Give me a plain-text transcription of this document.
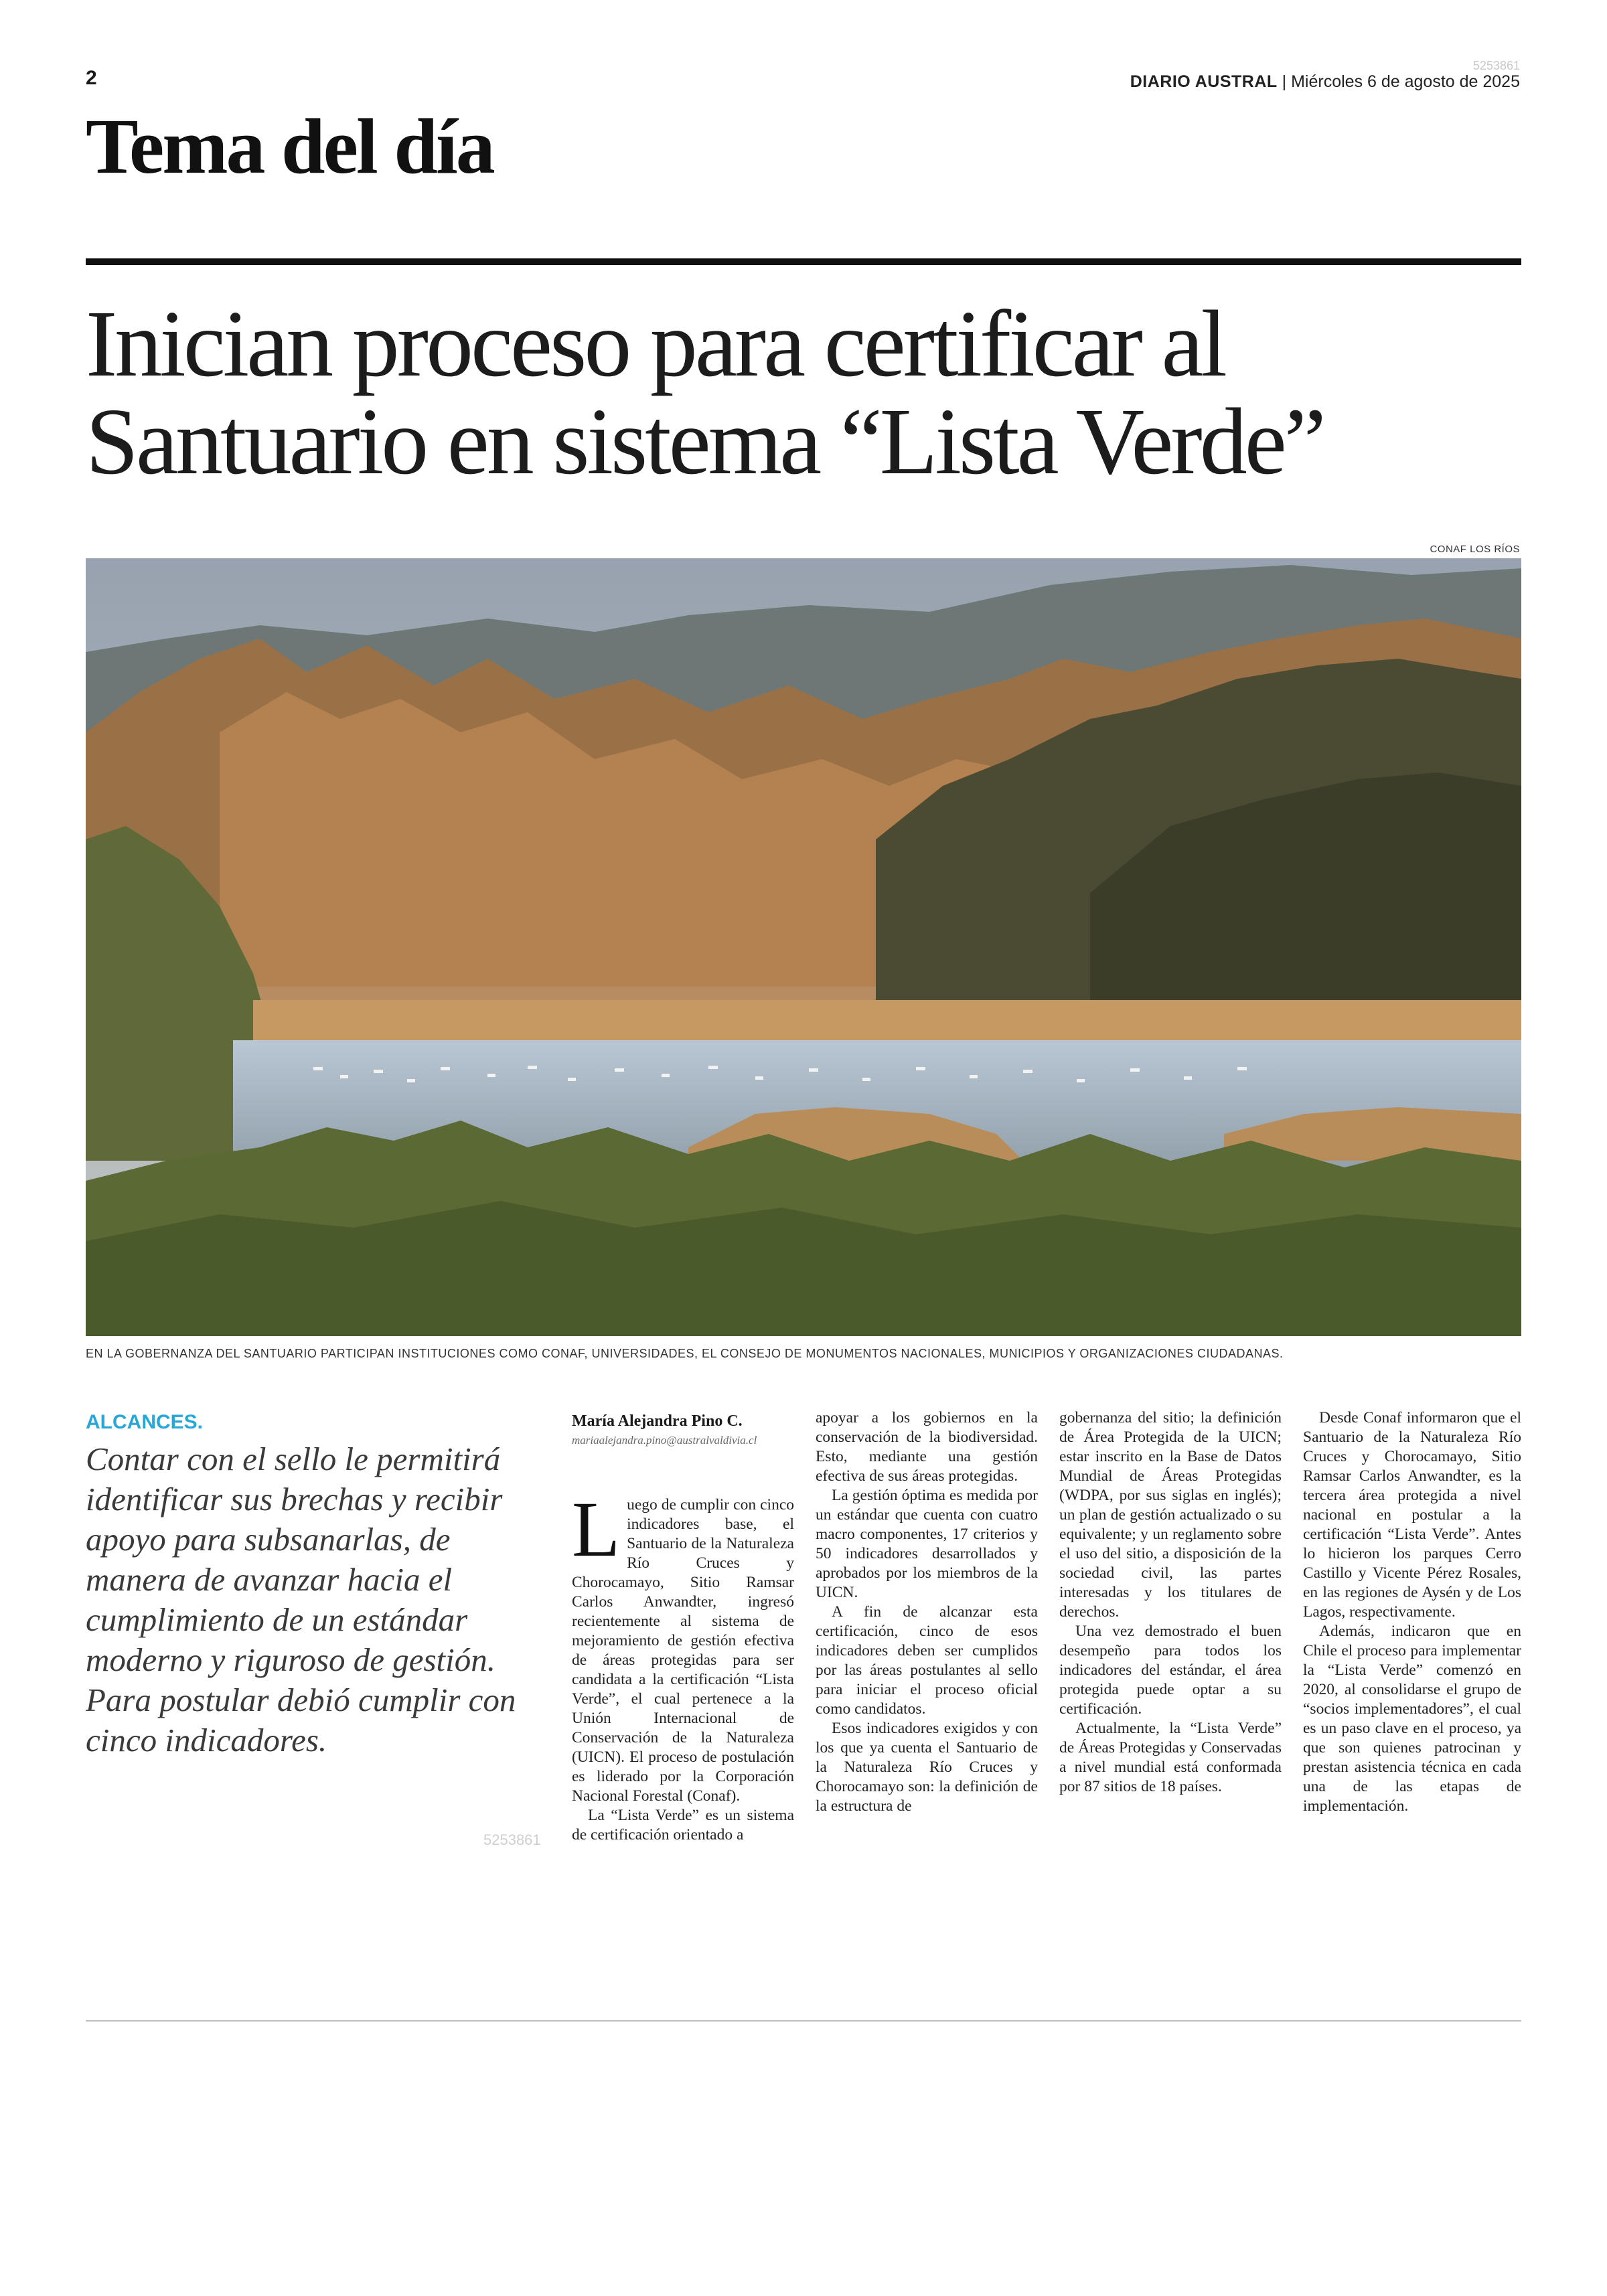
2
5253861
DIARIO AUSTRAL | Miércoles 6 de agosto de 2025
Tema del día
Inician proceso para certificar al Santuario en sistema “Lista Verde”
CONAF LOS RÍOS
EN LA GOBERNANZA DEL SANTUARIO PARTICIPAN INSTITUCIONES COMO CONAF, UNIVERSIDADES, EL CONSEJO DE MONUMENTOS NACIONALES, MUNICIPIOS Y ORGANIZACIONES CIUDADANAS.
ALCANCES.
Contar con el sello le permitirá identificar sus brechas y recibir apoyo para subsanarlas, de manera de avanzar hacia el cumplimiento de un estándar moderno y riguroso de gestión. Para postular debió cumplir con cinco indicadores.
5253861
María Alejandra Pino C.
mariaalejandra.pino@australvaldivia.cl

Luego de cumplir con cinco indicadores base, el Santuario de la Naturaleza Río Cruces y Chorocamayo, Sitio Ramsar Carlos Anwandter, ingresó recientemente al sistema de mejoramiento de gestión efectiva de áreas protegidas para ser candidata a la certificación “Lista Verde”, el cual pertenece a la Unión Internacional de Conservación de la Naturaleza (UICN). El proceso de postulación es liderado por la Corporación Nacional Forestal (Conaf).

La “Lista Verde” es un sistema de certificación orientado a

apoyar a los gobiernos en la conservación de la biodiversidad. Esto, mediante una gestión efectiva de sus áreas protegidas.

La gestión óptima es medida por un estándar que cuenta con cuatro macro componentes, 17 criterios y 50 indicadores desarrollados y aprobados por los miembros de la UICN.

A fin de alcanzar esta certificación, cinco de esos indicadores deben ser cumplidos por las áreas postulantes al sello para iniciar el proceso oficial como candidatos.

Esos indicadores exigidos y con los que ya cuenta el Santuario de la Naturaleza Río Cruces y Chorocamayo son: la definición de la estructura de

gobernanza del sitio; la definición de Área Protegida de la UICN; estar inscrito en la Base de Datos Mundial de Áreas Protegidas (WDPA, por sus siglas en inglés); un plan de gestión actualizado o su equivalente; y un reglamento sobre el uso del sitio, a disposición de la sociedad civil, las partes interesadas y los titulares de derechos.

Una vez demostrado el buen desempeño para todos los indicadores del estándar, el área protegida puede optar a su certificación.

Actualmente, la “Lista Verde” de Áreas Protegidas y Conservadas a nivel mundial está conformada por 87 sitios de 18 países.

Desde Conaf informaron que el Santuario de la Naturaleza Río Cruces y Chorocamayo, Sitio Ramsar Carlos Anwandter, es la tercera área protegida a nivel nacional en postular a la certificación “Lista Verde”. Antes lo hicieron los parques Cerro Castillo y Vicente Pérez Rosales, en las regiones de Aysén y de Los Lagos, respectivamente.

Además, indicaron que en Chile el proceso para implementar la “Lista Verde” comenzó en 2020, al consolidarse el grupo de “socios implementadores”, el cual es un paso clave en el proceso, ya que son quienes patrocinan y prestan asistencia técnica en cada una de las etapas de implementación.
